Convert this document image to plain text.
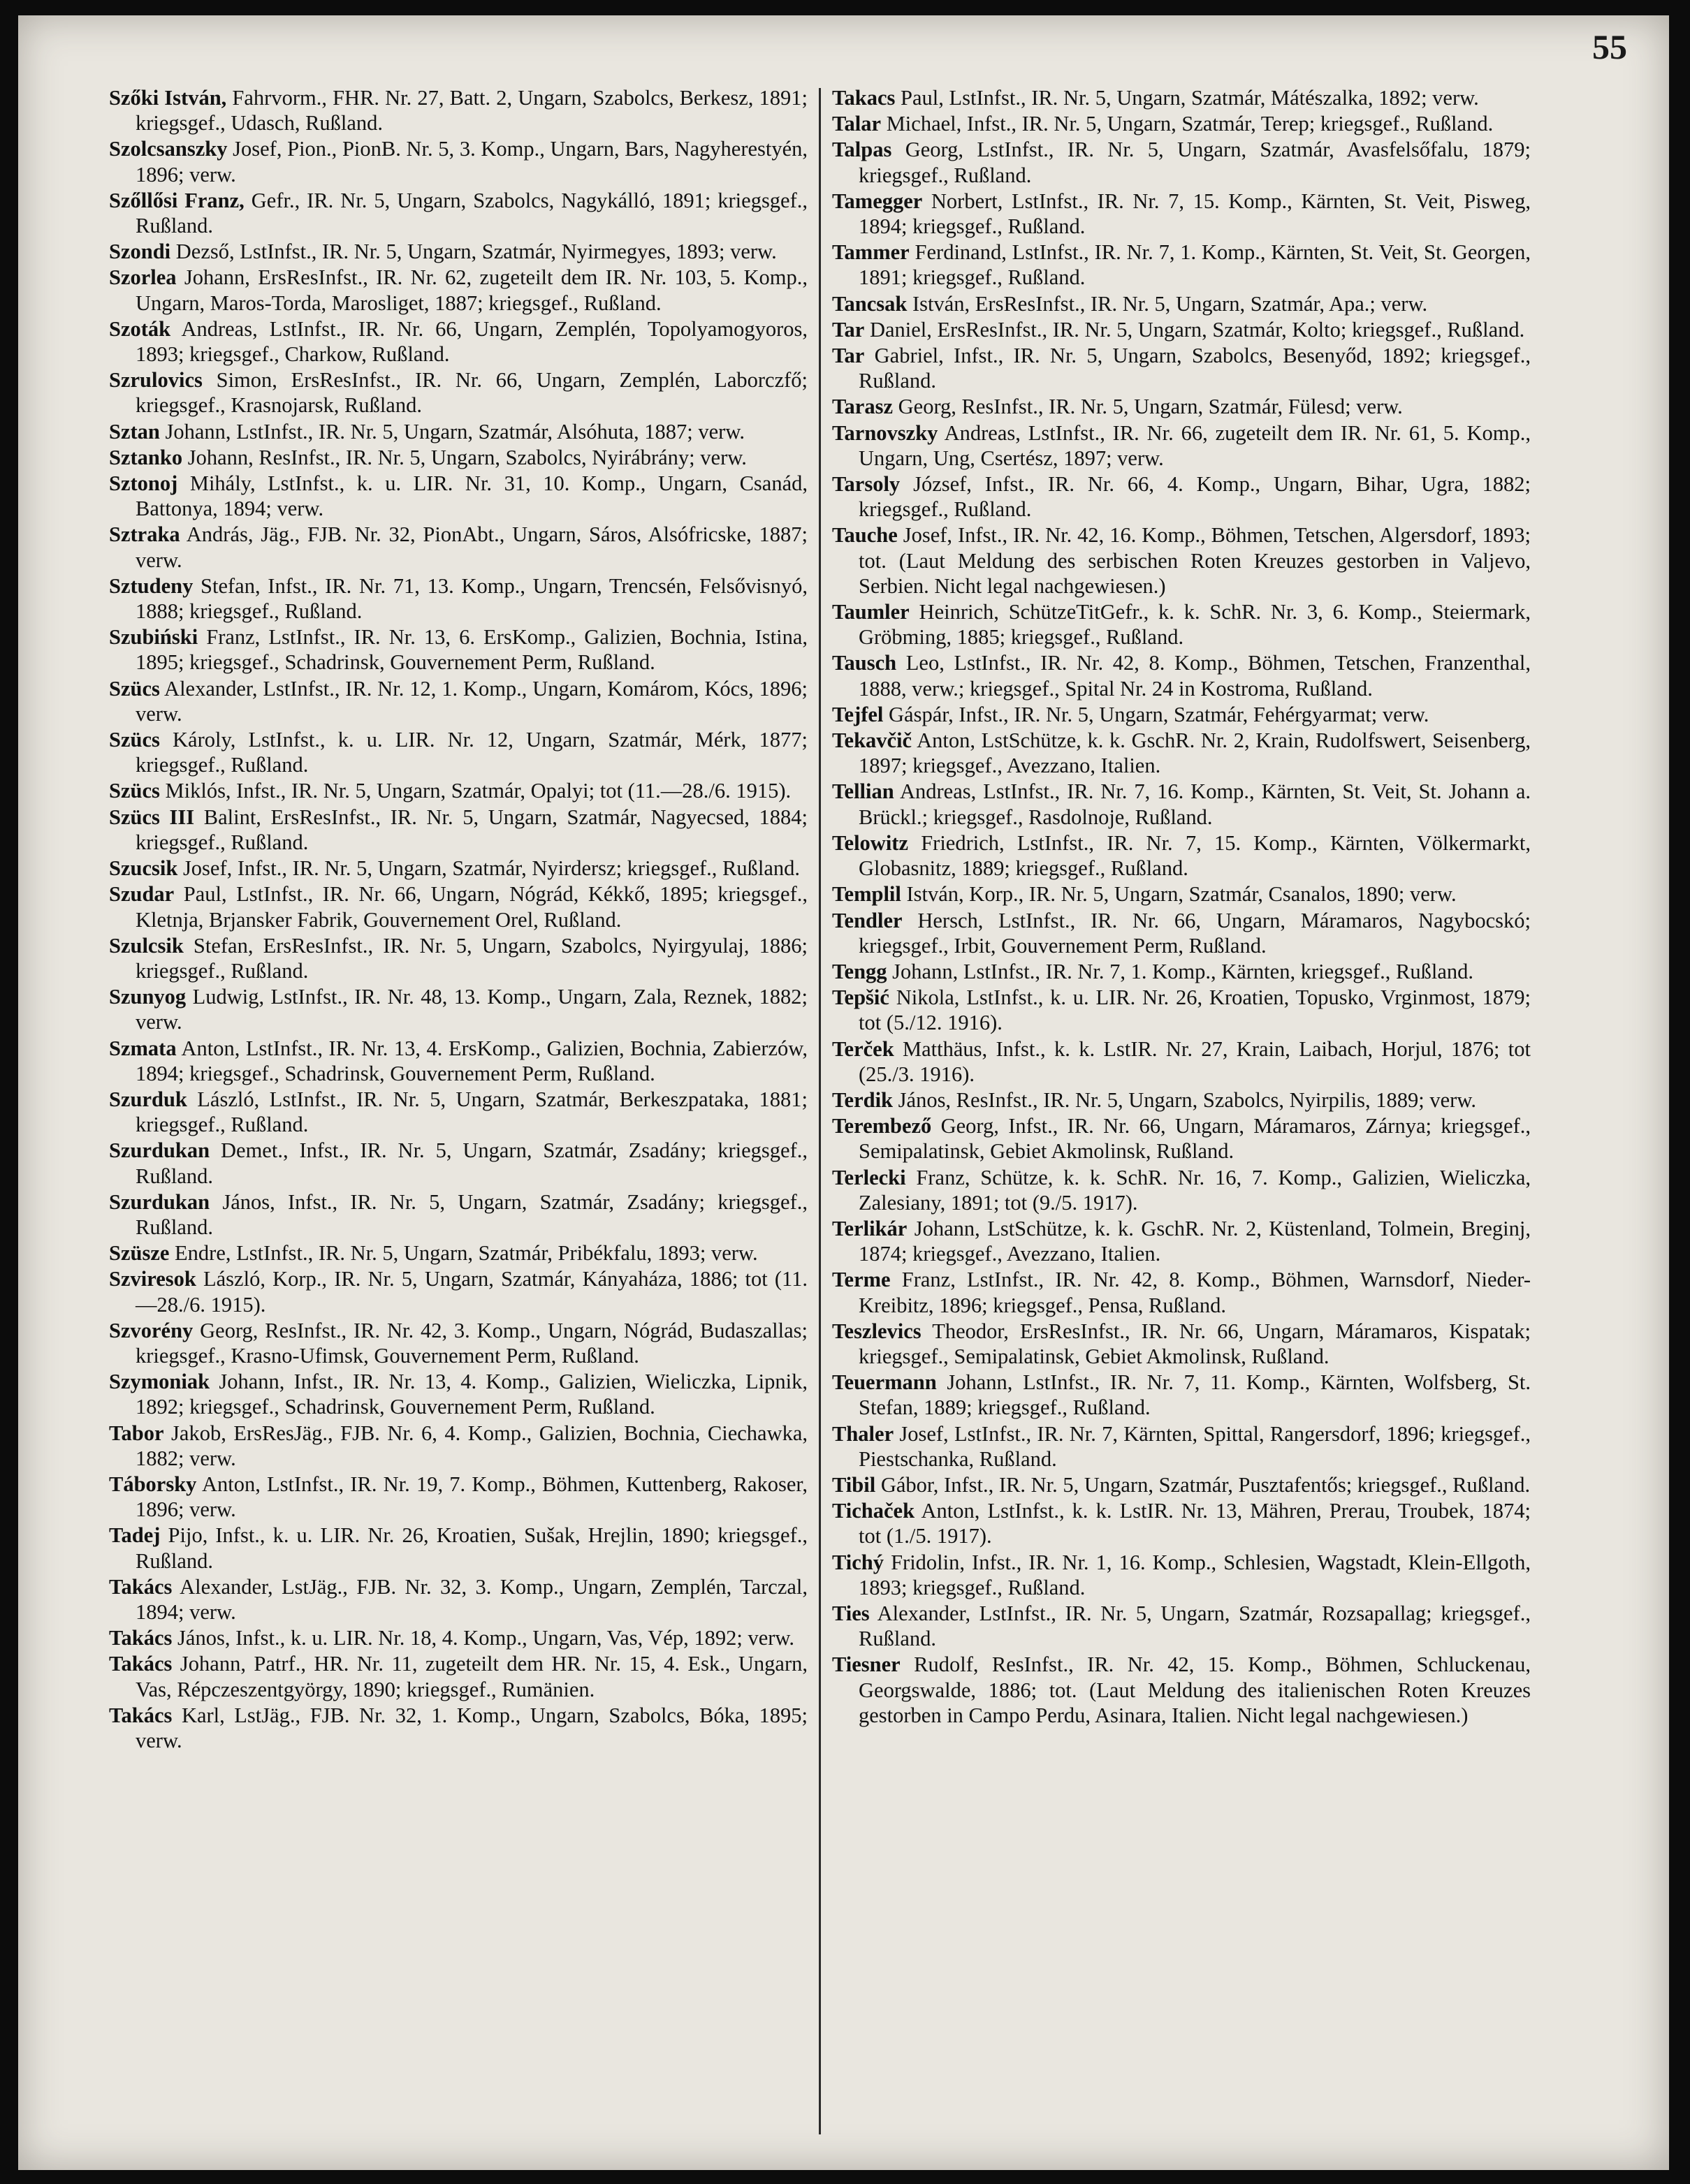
55
Szőki István, Fahrvorm., FHR. Nr. 27, Batt. 2, Ungarn, Szabolcs, Berkesz, 1891; kriegsgef., Udasch, Rußland.
Szolcsanszky Josef, Pion., PionB. Nr. 5, 3. Komp., Ungarn, Bars, Nagyherestyén, 1896; verw.
Szőllősi Franz, Gefr., IR. Nr. 5, Ungarn, Szabolcs, Nagykálló, 1891; kriegsgef., Rußland.
Szondi Dezső, LstInfst., IR. Nr. 5, Ungarn, Szatmár, Nyirmegyes, 1893; verw.
Szorlea Johann, ErsResInfst., IR. Nr. 62, zugeteilt dem IR. Nr. 103, 5. Komp., Ungarn, Maros-Torda, Marosliget, 1887; kriegsgef., Rußland.
Szoták Andreas, LstInfst., IR. Nr. 66, Ungarn, Zemplén, Topolyamogyoros, 1893; kriegsgef., Charkow, Rußland.
Szrulovics Simon, ErsResInfst., IR. Nr. 66, Ungarn, Zemplén, Laborczfő; kriegsgef., Krasnojarsk, Rußland.
Sztan Johann, LstInfst., IR. Nr. 5, Ungarn, Szatmár, Alsóhuta, 1887; verw.
Sztanko Johann, ResInfst., IR. Nr. 5, Ungarn, Szabolcs, Nyirábrány; verw.
Sztonoj Mihály, LstInfst., k. u. LIR. Nr. 31, 10. Komp., Ungarn, Csanád, Battonya, 1894; verw.
Sztraka András, Jäg., FJB. Nr. 32, PionAbt., Ungarn, Sáros, Alsófricske, 1887; verw.
Sztudeny Stefan, Infst., IR. Nr. 71, 13. Komp., Ungarn, Trencsén, Felsővisnyó, 1888; kriegsgef., Rußland.
Szubiński Franz, LstInfst., IR. Nr. 13, 6. ErsKomp., Galizien, Bochnia, Istina, 1895; kriegsgef., Schadrinsk, Gouvernement Perm, Rußland.
Szücs Alexander, LstInfst., IR. Nr. 12, 1. Komp., Ungarn, Komárom, Kócs, 1896; verw.
Szücs Károly, LstInfst., k. u. LIR. Nr. 12, Ungarn, Szatmár, Mérk, 1877; kriegsgef., Rußland.
Szücs Miklós, Infst., IR. Nr. 5, Ungarn, Szatmár, Opalyi; tot (11.—28./6. 1915).
Szücs III Balint, ErsResInfst., IR. Nr. 5, Ungarn, Szatmár, Nagyecsed, 1884; kriegsgef., Rußland.
Szucsik Josef, Infst., IR. Nr. 5, Ungarn, Szatmár, Nyirdersz; kriegsgef., Rußland.
Szudar Paul, LstInfst., IR. Nr. 66, Ungarn, Nógrád, Kékkő, 1895; kriegsgef., Kletnja, Brjansker Fabrik, Gouvernement Orel, Rußland.
Szulcsik Stefan, ErsResInfst., IR. Nr. 5, Ungarn, Szabolcs, Nyirgyulaj, 1886; kriegsgef., Rußland.
Szunyog Ludwig, LstInfst., IR. Nr. 48, 13. Komp., Ungarn, Zala, Reznek, 1882; verw.
Szmata Anton, LstInfst., IR. Nr. 13, 4. ErsKomp., Galizien, Bochnia, Zabierzów, 1894; kriegsgef., Schadrinsk, Gouvernement Perm, Rußland.
Szurduk László, LstInfst., IR. Nr. 5, Ungarn, Szatmár, Berkeszpataka, 1881; kriegsgef., Rußland.
Szurdukan Demet., Infst., IR. Nr. 5, Ungarn, Szatmár, Zsadány; kriegsgef., Rußland.
Szurdukan János, Infst., IR. Nr. 5, Ungarn, Szatmár, Zsadány; kriegsgef., Rußland.
Szüsze Endre, LstInfst., IR. Nr. 5, Ungarn, Szatmár, Pribékfalu, 1893; verw.
Szviresok László, Korp., IR. Nr. 5, Ungarn, Szatmár, Kányaháza, 1886; tot (11.—28./6. 1915).
Szvorény Georg, ResInfst., IR. Nr. 42, 3. Komp., Ungarn, Nógrád, Budaszallas; kriegsgef., Krasno-Ufimsk, Gouvernement Perm, Rußland.
Szymoniak Johann, Infst., IR. Nr. 13, 4. Komp., Galizien, Wieliczka, Lipnik, 1892; kriegsgef., Schadrinsk, Gouvernement Perm, Rußland.
Tabor Jakob, ErsResJäg., FJB. Nr. 6, 4. Komp., Galizien, Bochnia, Ciechawka, 1882; verw.
Táborsky Anton, LstInfst., IR. Nr. 19, 7. Komp., Böhmen, Kuttenberg, Rakoser, 1896; verw.
Tadej Pijo, Infst., k. u. LIR. Nr. 26, Kroatien, Sušak, Hrejlin, 1890; kriegsgef., Rußland.
Takács Alexander, LstJäg., FJB. Nr. 32, 3. Komp., Ungarn, Zemplén, Tarczal, 1894; verw.
Takács János, Infst., k. u. LIR. Nr. 18, 4. Komp., Ungarn, Vas, Vép, 1892; verw.
Takács Johann, Patrf., HR. Nr. 11, zugeteilt dem HR. Nr. 15, 4. Esk., Ungarn, Vas, Répczeszentgyörgy, 1890; kriegsgef., Rumänien.
Takács Karl, LstJäg., FJB. Nr. 32, 1. Komp., Ungarn, Szabolcs, Bóka, 1895; verw.
Takacs Paul, LstInfst., IR. Nr. 5, Ungarn, Szatmár, Mátészalka, 1892; verw.
Talar Michael, Infst., IR. Nr. 5, Ungarn, Szatmár, Terep; kriegsgef., Rußland.
Talpas Georg, LstInfst., IR. Nr. 5, Ungarn, Szatmár, Avasfelsőfalu, 1879; kriegsgef., Rußland.
Tamegger Norbert, LstInfst., IR. Nr. 7, 15. Komp., Kärnten, St. Veit, Pisweg, 1894; kriegsgef., Rußland.
Tammer Ferdinand, LstInfst., IR. Nr. 7, 1. Komp., Kärnten, St. Veit, St. Georgen, 1891; kriegsgef., Rußland.
Tancsak István, ErsResInfst., IR. Nr. 5, Ungarn, Szatmár, Apa.; verw.
Tar Daniel, ErsResInfst., IR. Nr. 5, Ungarn, Szatmár, Kolto; kriegsgef., Rußland.
Tar Gabriel, Infst., IR. Nr. 5, Ungarn, Szabolcs, Besenyőd, 1892; kriegsgef., Rußland.
Tarasz Georg, ResInfst., IR. Nr. 5, Ungarn, Szatmár, Fülesd; verw.
Tarnovszky Andreas, LstInfst., IR. Nr. 66, zugeteilt dem IR. Nr. 61, 5. Komp., Ungarn, Ung, Csertész, 1897; verw.
Tarsoly József, Infst., IR. Nr. 66, 4. Komp., Ungarn, Bihar, Ugra, 1882; kriegsgef., Rußland.
Tauche Josef, Infst., IR. Nr. 42, 16. Komp., Böhmen, Tetschen, Algersdorf, 1893; tot. (Laut Meldung des serbischen Roten Kreuzes gestorben in Valjevo, Serbien. Nicht legal nachgewiesen.)
Taumler Heinrich, SchützeTitGefr., k. k. SchR. Nr. 3, 6. Komp., Steiermark, Gröbming, 1885; kriegsgef., Rußland.
Tausch Leo, LstInfst., IR. Nr. 42, 8. Komp., Böhmen, Tetschen, Franzenthal, 1888, verw.; kriegsgef., Spital Nr. 24 in Kostroma, Rußland.
Tejfel Gáspár, Infst., IR. Nr. 5, Ungarn, Szatmár, Fehérgyarmat; verw.
Tekavčič Anton, LstSchütze, k. k. GschR. Nr. 2, Krain, Rudolfswert, Seisenberg, 1897; kriegsgef., Avezzano, Italien.
Tellian Andreas, LstInfst., IR. Nr. 7, 16. Komp., Kärnten, St. Veit, St. Johann a. Brückl.; kriegsgef., Rasdolnoje, Rußland.
Telowitz Friedrich, LstInfst., IR. Nr. 7, 15. Komp., Kärnten, Völkermarkt, Globasnitz, 1889; kriegsgef., Rußland.
Templil István, Korp., IR. Nr. 5, Ungarn, Szatmár, Csanalos, 1890; verw.
Tendler Hersch, LstInfst., IR. Nr. 66, Ungarn, Máramaros, Nagybocskó; kriegsgef., Irbit, Gouvernement Perm, Rußland.
Tengg Johann, LstInfst., IR. Nr. 7, 1. Komp., Kärnten, kriegsgef., Rußland.
Tepšić Nikola, LstInfst., k. u. LIR. Nr. 26, Kroatien, Topusko, Vrginmost, 1879; tot (5./12. 1916).
Terček Matthäus, Infst., k. k. LstIR. Nr. 27, Krain, Laibach, Horjul, 1876; tot (25./3. 1916).
Terdik János, ResInfst., IR. Nr. 5, Ungarn, Szabolcs, Nyirpilis, 1889; verw.
Terembező Georg, Infst., IR. Nr. 66, Ungarn, Máramaros, Zárnya; kriegsgef., Semipalatinsk, Gebiet Akmolinsk, Rußland.
Terlecki Franz, Schütze, k. k. SchR. Nr. 16, 7. Komp., Galizien, Wieliczka, Zalesiany, 1891; tot (9./5. 1917).
Terlikár Johann, LstSchütze, k. k. GschR. Nr. 2, Küstenland, Tolmein, Breginj, 1874; kriegsgef., Avezzano, Italien.
Terme Franz, LstInfst., IR. Nr. 42, 8. Komp., Böhmen, Warnsdorf, Nieder-Kreibitz, 1896; kriegsgef., Pensa, Rußland.
Teszlevics Theodor, ErsResInfst., IR. Nr. 66, Ungarn, Máramaros, Kispatak; kriegsgef., Semipalatinsk, Gebiet Akmolinsk, Rußland.
Teuermann Johann, LstInfst., IR. Nr. 7, 11. Komp., Kärnten, Wolfsberg, St. Stefan, 1889; kriegsgef., Rußland.
Thaler Josef, LstInfst., IR. Nr. 7, Kärnten, Spittal, Rangersdorf, 1896; kriegsgef., Piestschanka, Rußland.
Tibil Gábor, Infst., IR. Nr. 5, Ungarn, Szatmár, Pusztafentős; kriegsgef., Rußland.
Tichaček Anton, LstInfst., k. k. LstIR. Nr. 13, Mähren, Prerau, Troubek, 1874; tot (1./5. 1917).
Tichý Fridolin, Infst., IR. Nr. 1, 16. Komp., Schlesien, Wagstadt, Klein-Ellgoth, 1893; kriegsgef., Rußland.
Ties Alexander, LstInfst., IR. Nr. 5, Ungarn, Szatmár, Rozsapallag; kriegsgef., Rußland.
Tiesner Rudolf, ResInfst., IR. Nr. 42, 15. Komp., Böhmen, Schluckenau, Georgswalde, 1886; tot. (Laut Meldung des italienischen Roten Kreuzes gestorben in Campo Perdu, Asinara, Italien. Nicht legal nachgewiesen.)
